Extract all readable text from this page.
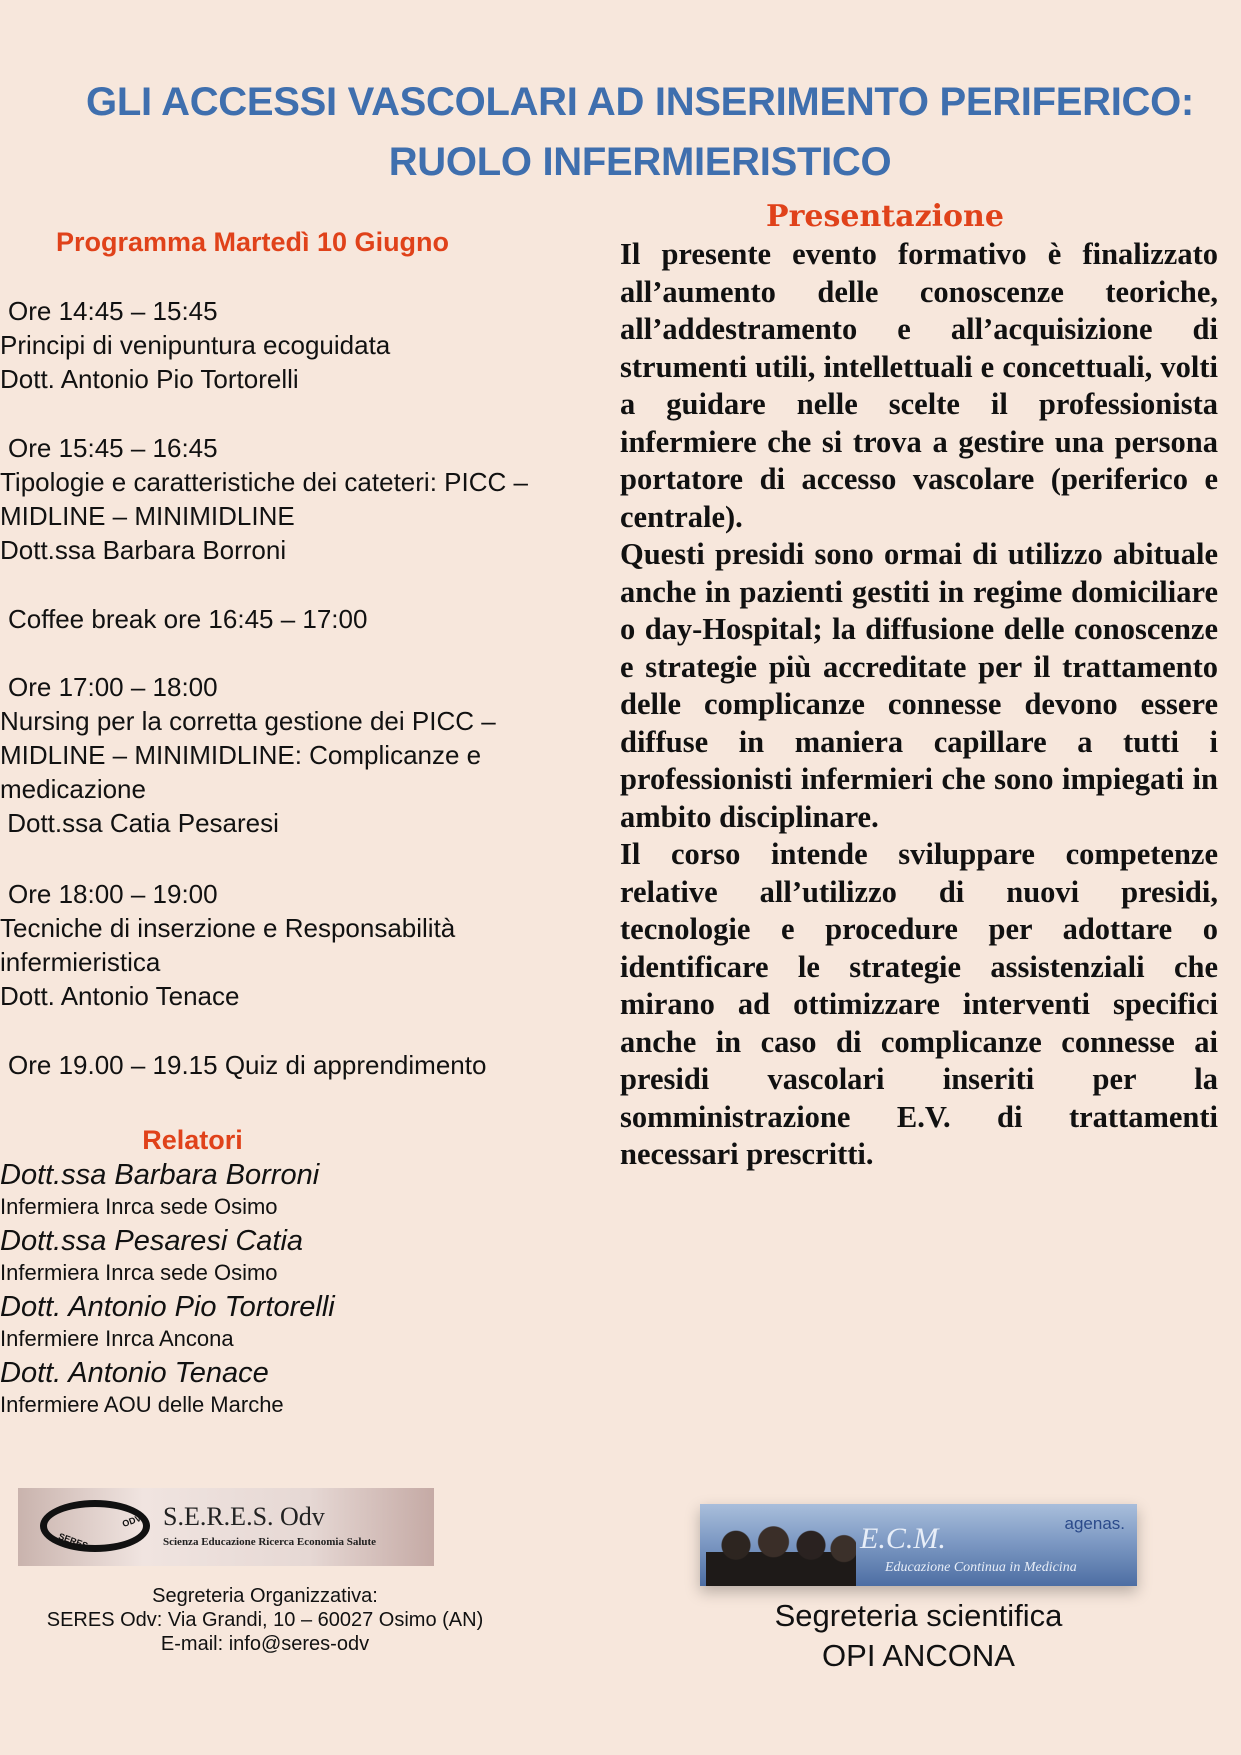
GLI ACCESSI VASCOLARI AD INSERIMENTO PERIFERICO:
RUOLO INFERMIERISTICO
Programma Martedì 10 Giugno
Ore 14:45 – 15:45
Principi di venipuntura ecoguidata
Dott. Antonio Pio Tortorelli
Ore 15:45 – 16:45
Tipologie e caratteristiche dei cateteri: PICC –
MIDLINE – MINIMIDLINE
Dott.ssa Barbara Borroni
Coffee break ore 16:45 – 17:00
Ore 17:00 – 18:00
Nursing per la corretta gestione dei PICC –
MIDLINE – MINIMIDLINE: Complicanze e
medicazione
Dott.ssa Catia Pesaresi
Ore 18:00 – 19:00
Tecniche di inserzione e Responsabilità
infermieristica
Dott. Antonio Tenace
Ore 19.00 – 19.15 Quiz di apprendimento
Relatori
Dott.ssa Barbara Borroni
Infermiera Inrca sede Osimo
Dott.ssa Pesaresi Catia
Infermiera Inrca sede Osimo
Dott. Antonio Pio Tortorelli
Infermiere Inrca Ancona
Dott. Antonio Tenace
Infermiere AOU delle Marche
Presentazione

Il presente evento formativo è finalizzato all’aumento delle conoscenze teoriche, all’addestramento e all’acquisizione di strumenti utili, intellettuali e concettuali, volti a guidare nelle scelte il professionista infermiere che si trova a gestire una persona portatore di accesso vascolare (periferico e centrale).

Questi presidi sono ormai di utilizzo abituale anche in pazienti gestiti in regime domiciliare o day-Hospital; la diffusione delle conoscenze e strategie più accreditate per il trattamento delle complicanze connesse devono essere diffuse in maniera capillare a tutti i professionisti infermieri che sono impiegati in ambito disciplinare.

Il corso intende sviluppare competenze relative all’utilizzo di nuovi presidi, tecnologie e procedure per adottare o identificare le strategie assistenziali che mirano ad ottimizzare interventi specifici anche in caso di complicanze connesse ai presidi vascolari inseriti per la somministrazione E.V. di trattamenti necessari prescritti.

SERES
ODV S.E.R.E.S. Odv
Scienza Educazione Ricerca Economia Salute
Segreteria Organizzativa:
SERES Odv: Via Grandi, 10 – 60027 Osimo (AN)
E-mail: info@seres-odv
E.C.M.
Educazione Continua in Medicina
agenas.
Segreteria scientifica
OPI ANCONA
